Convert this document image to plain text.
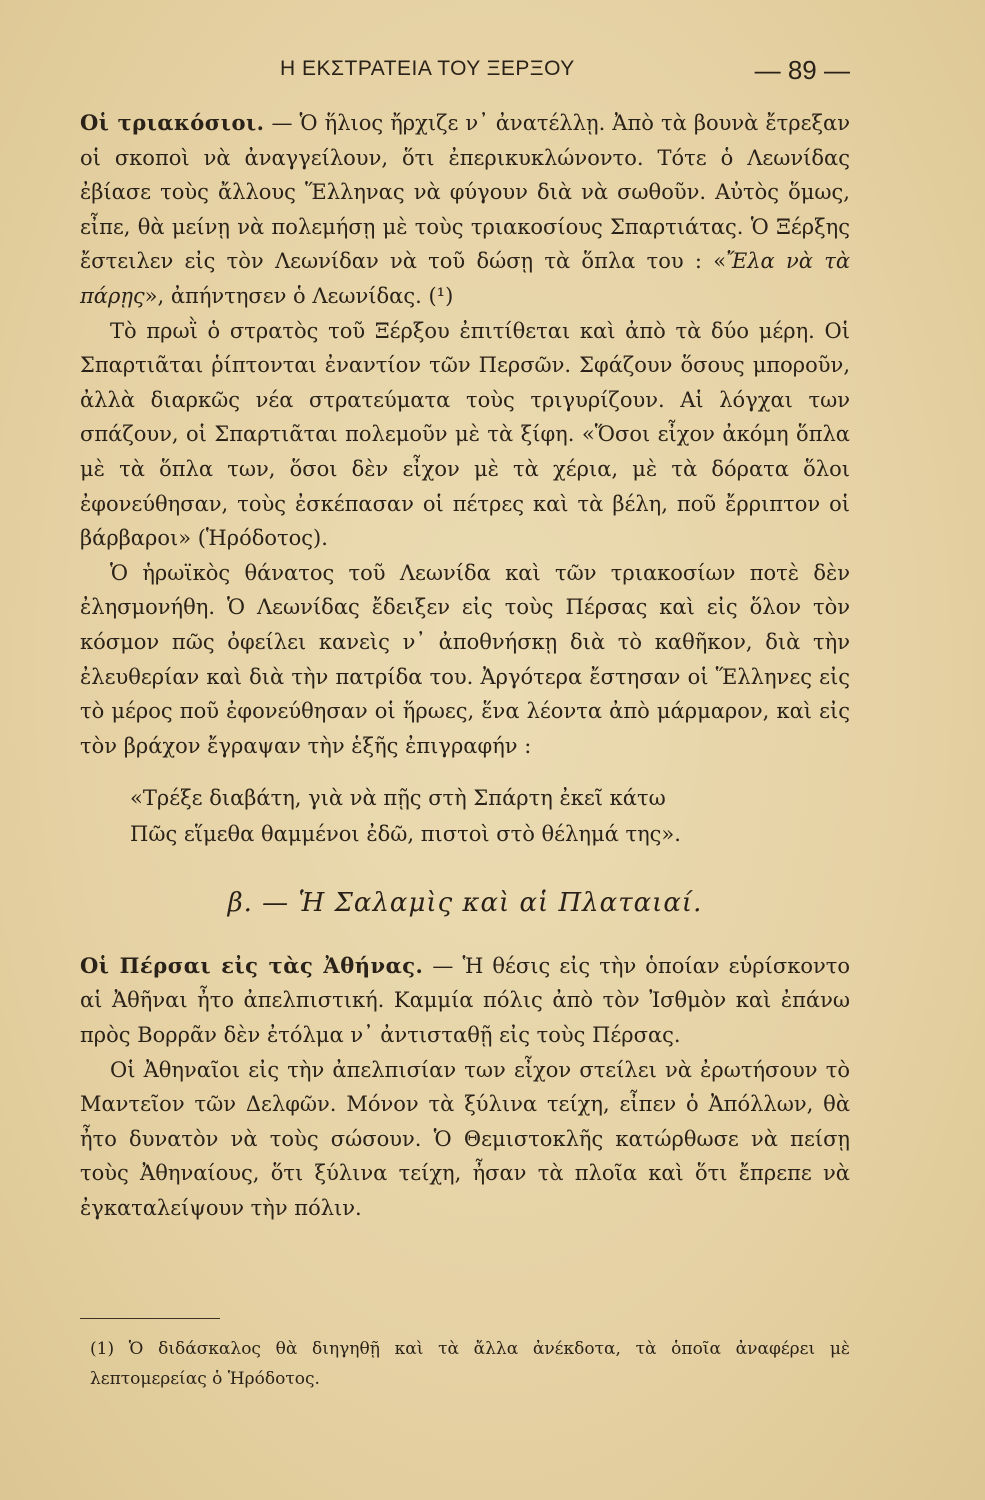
Η ΕΚΣΤΡΑΤΕΙΑ ΤΟΥ ΞΕΡΞΟΥ	— 89 —

Οἱ τριακόσιοι. — Ὁ ἥλιος ἤρχιζε ν᾽ ἀνατέλλῃ. Ἀπὸ τὰ βουνὰ ἔτρεξαν οἱ σκοποὶ νὰ ἀναγγείλουν, ὅτι ἐπερικυκλώνοντο. Τότε ὁ Λεωνίδας ἐβίασε τοὺς ἄλλους Ἕλληνας νὰ φύγουν διὰ νὰ σωθοῦν. Αὐτὸς ὅμως, εἶπε, θὰ μείνῃ νὰ πολεμήσῃ μὲ τοὺς τριακοσίους Σπαρτιάτας. Ὁ Ξέρξης ἔστειλεν εἰς τὸν Λεωνίδαν νὰ τοῦ δώσῃ τὰ ὅπλα του : «Ἔλα νὰ τὰ πάρῃς», ἀπήντησεν ὁ Λεωνίδας. (¹)

Τὸ πρωῒ ὁ στρατὸς τοῦ Ξέρξου ἐπιτίθεται καὶ ἀπὸ τὰ δύο μέρη. Οἱ Σπαρτιᾶται ῥίπτονται ἐναντίον τῶν Περσῶν. Σφάζουν ὅσους μποροῦν, ἀλλὰ διαρκῶς νέα στρατεύματα τοὺς τριγυρίζουν. Αἱ λόγχαι των σπάζουν, οἱ Σπαρτιᾶται πολεμοῦν μὲ τὰ ξίφη. «Ὅσοι εἶχον ἀκόμη ὅπλα μὲ τὰ ὅπλα των, ὅσοι δὲν εἶχον μὲ τὰ χέρια, μὲ τὰ δόρατα ὅλοι ἐφονεύθησαν, τοὺς ἐσκέπασαν οἱ πέτρες καὶ τὰ βέλη, ποῦ ἔρριπτον οἱ βάρβαροι» (Ἡρόδοτος).

Ὁ ἡρωϊκὸς θάνατος τοῦ Λεωνίδα καὶ τῶν τριακοσίων ποτὲ δὲν ἐλησμονήθη. Ὁ Λεωνίδας ἔδειξεν εἰς τοὺς Πέρσας καὶ εἰς ὅλον τὸν κόσμον πῶς ὀφείλει κανεὶς ν᾽ ἀποθνήσκῃ διὰ τὸ καθῆκον, διὰ τὴν ἐλευθερίαν καὶ διὰ τὴν πατρίδα του. Ἀργότερα ἔστησαν οἱ Ἕλληνες εἰς τὸ μέρος ποῦ ἐφονεύθησαν οἱ ἥρωες, ἕνα λέοντα ἀπὸ μάρμαρον, καὶ εἰς τὸν βράχον ἔγραψαν τὴν ἑξῆς ἐπιγραφήν :

«Τρέξε διαβάτη, γιὰ νὰ πῇς στὴ Σπάρτη ἐκεῖ κάτω
Πῶς εἵμεθα θαμμένοι ἐδῶ, πιστοὶ στὸ θέλημά της».
β. — Ἡ Σαλαμὶς καὶ αἱ Πλαταιαί.

Οἱ Πέρσαι εἰς τὰς Ἀθήνας. — Ἡ θέσις εἰς τὴν ὁποίαν εὑρίσκοντο αἱ Ἀθῆναι ἦτο ἀπελπιστική. Καμμία πόλις ἀπὸ τὸν Ἰσθμὸν καὶ ἐπάνω πρὸς Βορρᾶν δὲν ἐτόλμα ν᾽ ἀντισταθῇ εἰς τοὺς Πέρσας.

Οἱ Ἀθηναῖοι εἰς τὴν ἀπελπισίαν των εἶχον στείλει νὰ ἐρωτήσουν τὸ Μαντεῖον τῶν Δελφῶν. Μόνον τὰ ξύλινα τείχη, εἶπεν ὁ Ἀπόλλων, θὰ ἦτο δυνατὸν νὰ τοὺς σώσουν. Ὁ Θεμιστοκλῆς κατώρθωσε νὰ πείσῃ τοὺς Ἀθηναίους, ὅτι ξύλινα τείχη, ἦσαν τὰ πλοῖα καὶ ὅτι ἔπρεπε νὰ ἐγκαταλείψουν τὴν πόλιν.

(1) Ὁ διδάσκαλος θὰ διηγηθῇ καὶ τὰ ἄλλα ἀνέκδοτα, τὰ ὁποῖα ἀναφέρει μὲ λεπτομερείας ὁ Ἡρόδοτος.
